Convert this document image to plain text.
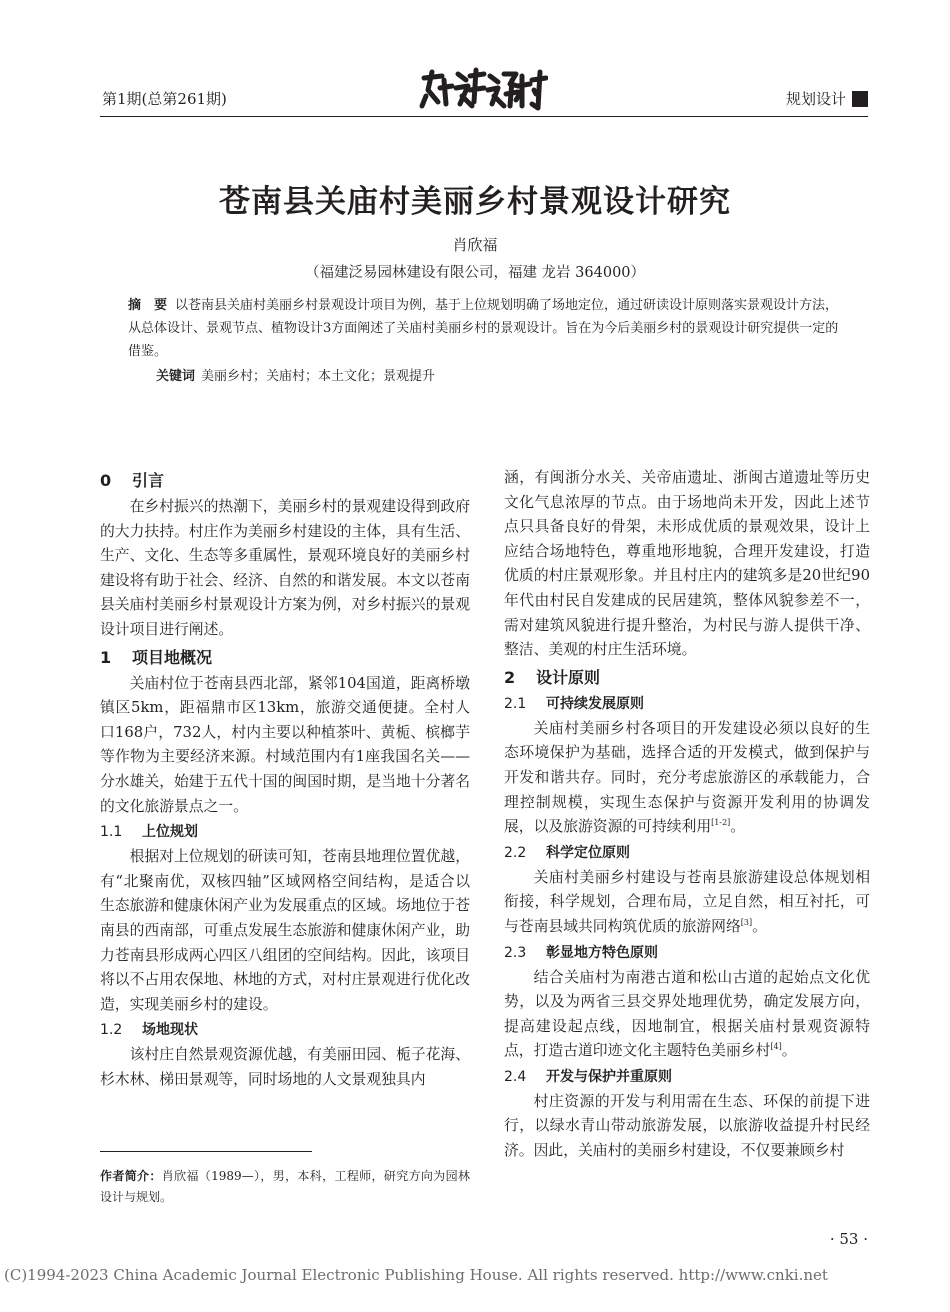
第1期(总第261期)	规划设计
苍南县关庙村美丽乡村景观设计研究
肖欣福
（福建泛易园林建设有限公司，福建 龙岩 364000）
摘　要 以苍南县关庙村美丽乡村景观设计项目为例，基于上位规划明确了场地定位，通过研读设计原则落实景观设计方法，从总体设计、景观节点、植物设计3方面阐述了关庙村美丽乡村的景观设计。旨在为今后美丽乡村的景观设计研究提供一定的借鉴。
关键词 美丽乡村；关庙村；本土文化；景观提升
0 引言

在乡村振兴的热潮下，美丽乡村的景观建设得到政府的大力扶持。村庄作为美丽乡村建设的主体，具有生活、生产、文化、生态等多重属性，景观环境良好的美丽乡村建设将有助于社会、经济、自然的和谐发展。本文以苍南县关庙村美丽乡村景观设计方案为例，对乡村振兴的景观设计项目进行阐述。

1 项目地概况

关庙村位于苍南县西北部，紧邻104国道，距离桥墩镇区5km，距福鼎市区13km，旅游交通便捷。全村人口168户，732人，村内主要以种植茶叶、黄栀、槟榔芋等作物为主要经济来源。村域范围内有1座我国名关——分水雄关，始建于五代十国的闽国时期，是当地十分著名的文化旅游景点之一。

1.1 上位规划

根据对上位规划的研读可知，苍南县地理位置优越，有“北聚南优，双核四轴”区域网格空间结构，是适合以生态旅游和健康休闲产业为发展重点的区域。场地位于苍南县的西南部，可重点发展生态旅游和健康休闲产业，助力苍南县形成两心四区八组团的空间结构。因此，该项目将以不占用农保地、林地的方式，对村庄景观进行优化改造，实现美丽乡村的建设。

1.2 场地现状

该村庄自然景观资源优越，有美丽田园、栀子花海、杉木林、梯田景观等，同时场地的人文景观独具内

涵，有闽浙分水关、关帝庙遗址、浙闽古道遗址等历史文化气息浓厚的节点。由于场地尚未开发，因此上述节点只具备良好的骨架，未形成优质的景观效果，设计上应结合场地特色，尊重地形地貌，合理开发建设，打造优质的村庄景观形象。并且村庄内的建筑多是20世纪90年代由村民自发建成的民居建筑，整体风貌参差不一，需对建筑风貌进行提升整治，为村民与游人提供干净、整洁、美观的村庄生活环境。

2 设计原则
2.1 可持续发展原则

关庙村美丽乡村各项目的开发建设必须以良好的生态环境保护为基础，选择合适的开发模式，做到保护与开发和谐共存。同时，充分考虑旅游区的承载能力，合理控制规模，实现生态保护与资源开发利用的协调发展，以及旅游资源的可持续利用[1-2]。

2.2 科学定位原则

关庙村美丽乡村建设与苍南县旅游建设总体规划相衔接，科学规划，合理布局，立足自然，相互衬托，可与苍南县域共同构筑优质的旅游网络[3]。

2.3 彰显地方特色原则

结合关庙村为南港古道和松山古道的起始点文化优势，以及为两省三县交界处地理优势，确定发展方向，提高建设起点线，因地制宜，根据关庙村景观资源特点，打造古道印迹文化主题特色美丽乡村[4]。

2.4 开发与保护并重原则

村庄资源的开发与利用需在生态、环保的前提下进行，以绿水青山带动旅游发展，以旅游收益提升村民经济。因此，关庙村的美丽乡村建设，不仅要兼顾乡村

作者简介：肖欣福（1989—），男，本科，工程师，研究方向为园林设计与规划。
· 53 ·
(C)1994-2023 China Academic Journal Electronic Publishing House. All rights reserved. http://www.cnki.net
